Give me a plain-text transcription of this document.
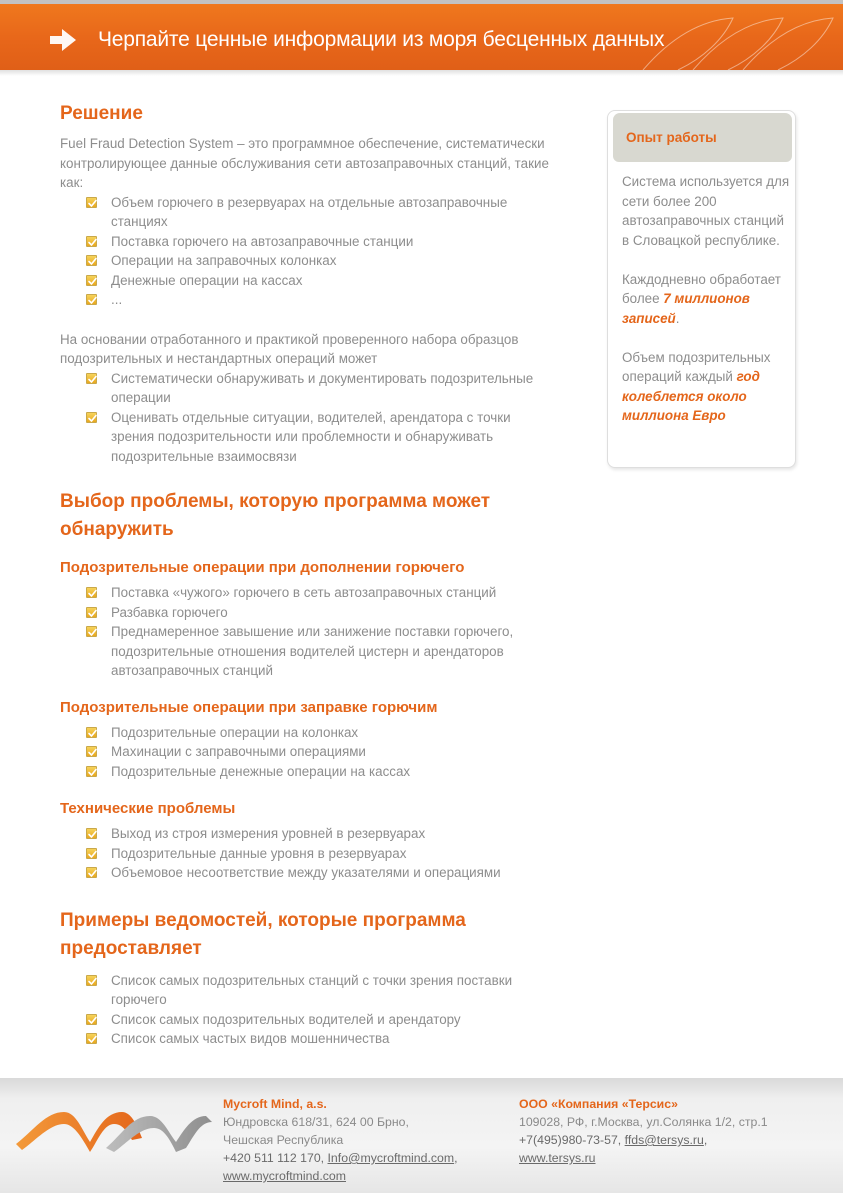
Черпайте ценные информации из моря бесценных данных
Решение

Fuel Fraud Detection System – это программное обеспечение, систематически контролирующее данные обслуживания сети автозаправочных станций, такие как:

Объем горючего в резервуарах на отдельные автозаправочные станциях
Поставка горючего на автозаправочные станции
Операции на заправочных колонках
Денежные операции на кассах
...

На основании отработанного и практикой проверенного набора образцов подозрительных и нестандартных операций может

Систематически обнаруживать и документировать подозрительные операции
Оценивать отдельные ситуации, водителей, арендатора с точки зрения подозрительности или проблемности и обнаруживать подозрительные взаимосвязи
Выбор проблемы, которую программа может обнаружить
Подозрительные операции при дополнении горючего
Поставка «чужого» горючего в сеть автозаправочных станций
Разбавка горючего
Преднамеренное завышение или занижение поставки горючего, подозрительные отношения водителей цистерн и арендаторов автозаправочных станций
Подозрительные операции при заправке горючим
Подозрительные операции на колонках
Махинации с заправочными операциями
Подозрительные денежные операции на кассах
Технические проблемы
Выход из строя измерения уровней в резервуарах
Подозрительные данные уровня в резервуарах
Объемовое несоответствие между указателями и операциями
Примеры ведомостей, которые программа предоставляет
Список самых подозрительных станций с точки зрения поставки горючего
Список самых подозрительных водителей и арендатору
Список самых частых видов мошенничества
Опыт работы

Система используется для сети более 200 автозаправочных станций в Словацкой республике.

Каждодневно обработает более 7 миллионов записей.

Объем подозрительных операций каждый год колеблется около миллиона Евро

Mycroft Mind, a.s.
Юндровска 618/31, 624 00 Брно,
Чешская Республика
+420 511 112 170, Info@mycroftmind.com,
www.mycroftmind.com
ООО «Компания «Терсис»
109028, РФ, г.Москва, ул.Солянка 1/2, стр.1
+7(495)980-73-57, ffds@tersys.ru,
www.tersys.ru
